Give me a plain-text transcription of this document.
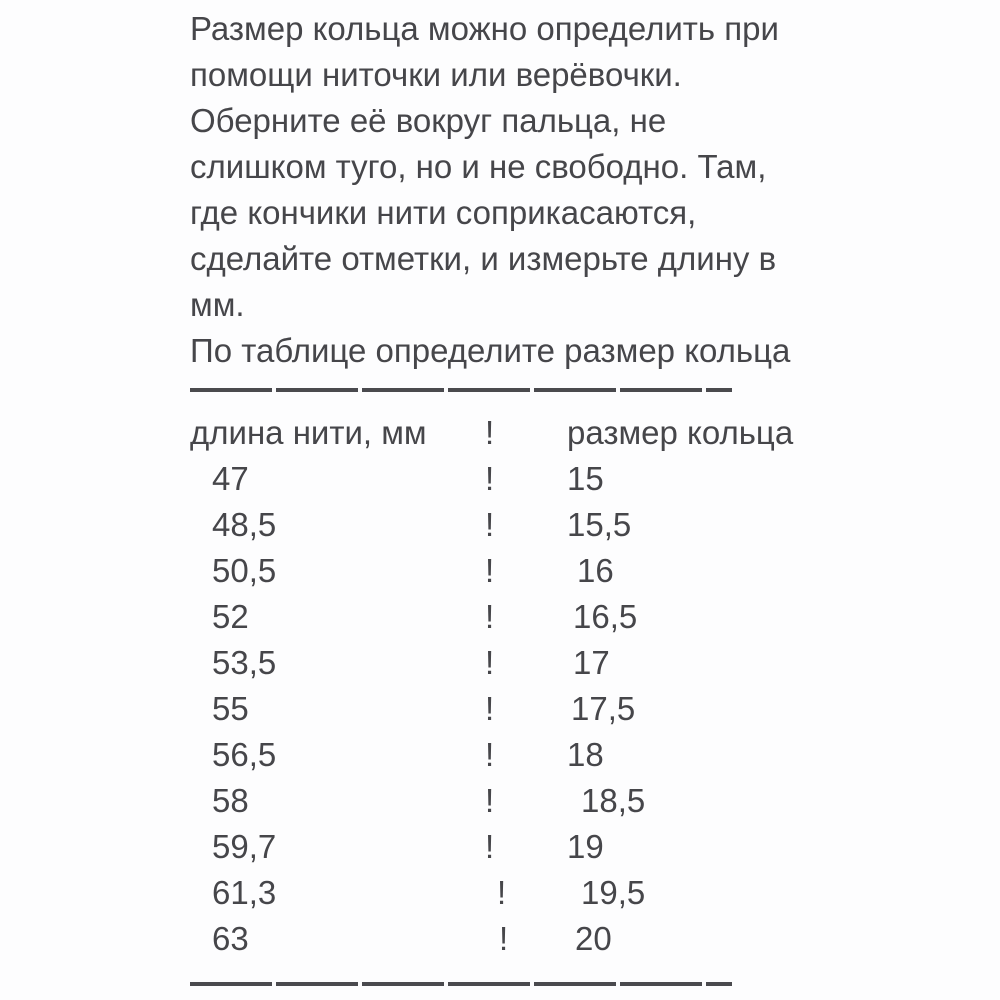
Размер кольца можно определить при
помощи ниточки или верёвочки.
Оберните её вокруг пальца, не
слишком туго, но и не свободно. Там,
где кончики нити соприкасаются,
сделайте отметки, и измерьте длину в
мм.
По таблице определите размер кольца
длина нити, мм	!	размер кольца
47	!	15
48,5	!	15,5
50,5	!	16
52	!	16,5
53,5	!	17
55	!	17,5
56,5	!	18
58	!	18,5
59,7	!	19
61,3	!	19,5
63	!	20
